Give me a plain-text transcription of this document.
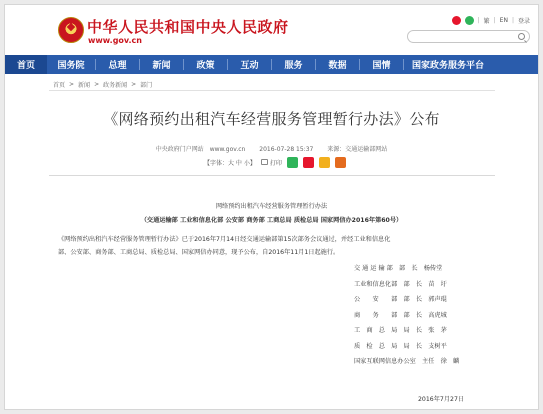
中华人民共和国中央人民政府
www.gov.cn
| 繁 | EN | 登录
首页	国务院	总理	新闻	政策	互动	服务	数据	国情	国家政务服务平台
首页 > 新闻 > 政务新闻 > 部门
《网络预约出租汽车经营服务管理暂行办法》公布
中央政府门户网站　www.gov.cn 2016-07-28 15:37 来源：交通运输部网站
【字体：大 中 小】 打印
网络预约出租汽车经营服务管理暂行办法
（交通运输部 工业和信息化部 公安部 商务部 工商总局 质检总局 国家网信办2016年第60号）
《网络预约出租汽车经营服务管理暂行办法》已于2016年7月14日经交通运输部第15次部务会议通过，并经工业和信息化
部、公安部、商务部、工商总局、质检总局、国家网信办同意，现予公布，自2016年11月1日起施行。
交 通 运 输 部　部　长　杨传堂
工业和信息化部　部　长　苗　圩
公　　安　　部　部　长　郭声琨
商　　务　　部　部　长　高虎城
工　商　总　局　局　长　张　茅
质　检　总　局　局　长　支树平
国家互联网信息办公室　主任　徐　麟
2016年7月27日
